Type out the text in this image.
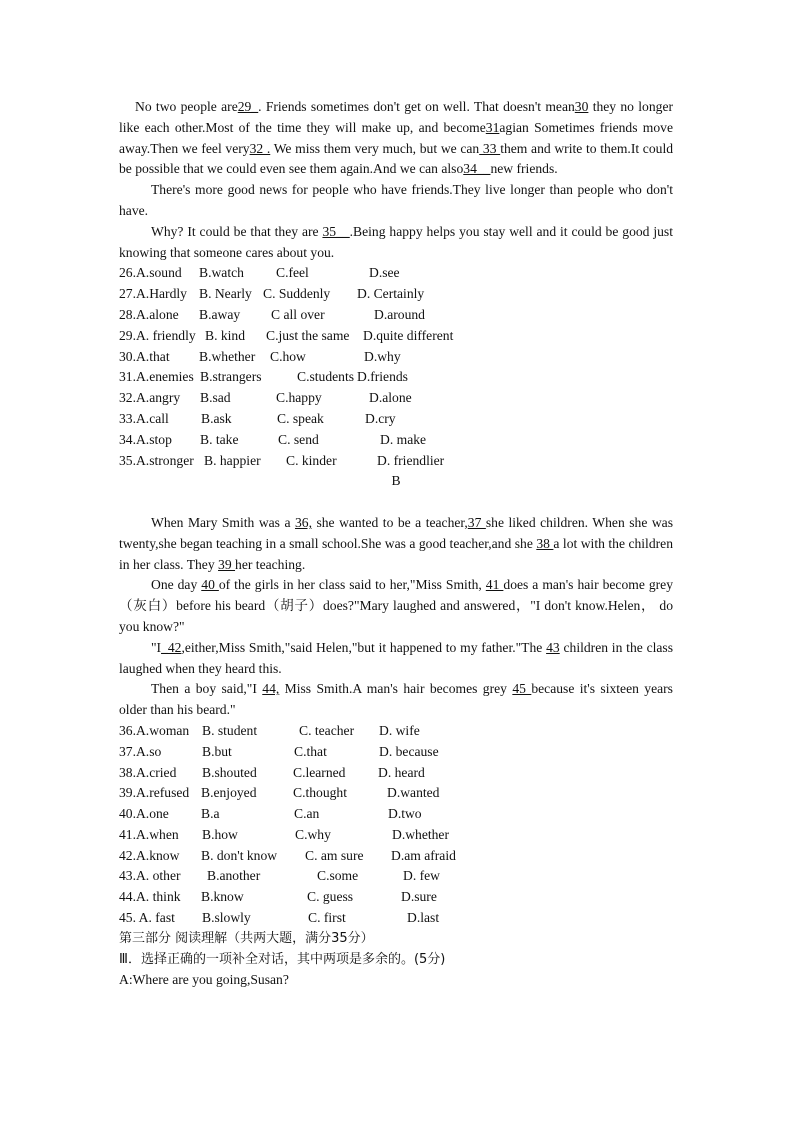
No two people are29_. Friends sometimes don't get on well. That doesn't mean30 they no longer like each other.Most of the time they will make up, and become31agian Sometimes friends move away.Then we feel very32 . We miss them very much, but we can 33 them and write to them.It could be possible that we could even see them again.And we can also34__new friends.

There's more good news for people who have friends.They live longer than people who don't have.

Why? It could be that they are 35__.Being happy helps you stay well and it could be good just knowing that someone cares about you.

26.A.sound	B.watch	C.feel	D.see
27.A.Hardly B. Nearly C. Suddenly	D. Certainly
28.A.alone	B.away	C all over	D.around
29.A. friendly B. kind	C.just the same D.quite different
30.A.that	B.whether	C.how	D.why
31.A.enemies B.strangers	C.students D.friends
32.A.angry	B.sad	C.happy	D.alone
33.A.call	B.ask	C. speak	D.cry
34.A.stop	B. take	C. send	D. make
35.A.stronger B. happier	C. kinder	D. friendlier
B

When Mary Smith was a 36, she wanted to be a teacher,37 she liked children. When she was twenty,she began teaching in a small school.She was a good teacher,and she 38 a lot with the children in her class. They 39 her teaching.

One day 40 of the girls in her class said to her,"Miss Smith, 41 does a man's hair become grey（灰白）before his beard（胡子）does?"Mary laughed and answered，"I don't know.Helen， do you know?"

"I_42,either,Miss Smith,"said Helen,"but it happened to my father."The 43 children in the class laughed when they heard this.

Then a boy said,"I 44, Miss Smith.A man's hair becomes grey 45 because it's sixteen years older than his beard."

36.A.woman B. student	C. teacher	D. wife
37.A.so	B.but	C.that	D. because
38.A.cried	B.shouted	C.learned	D. heard
39.A.refused B.enjoyed	C.thought	D.wanted
40.A.one	B.a	C.an	D.two
41.A.when	B.how	C.why	D.whether
42.A.know	B. don't know	C. am sure	D.am afraid
43.A. other	B.another	C.some	D. few
44.A. think	B.know	C. guess	D.sure
45. A. fast	B.slowly	C. first	D.last
第三部分 阅读理解（共两大题，满分35分）
Ⅲ．选择正确的一项补全对话，其中两项是多余的。(5分)
A:Where are you going,Susan?
